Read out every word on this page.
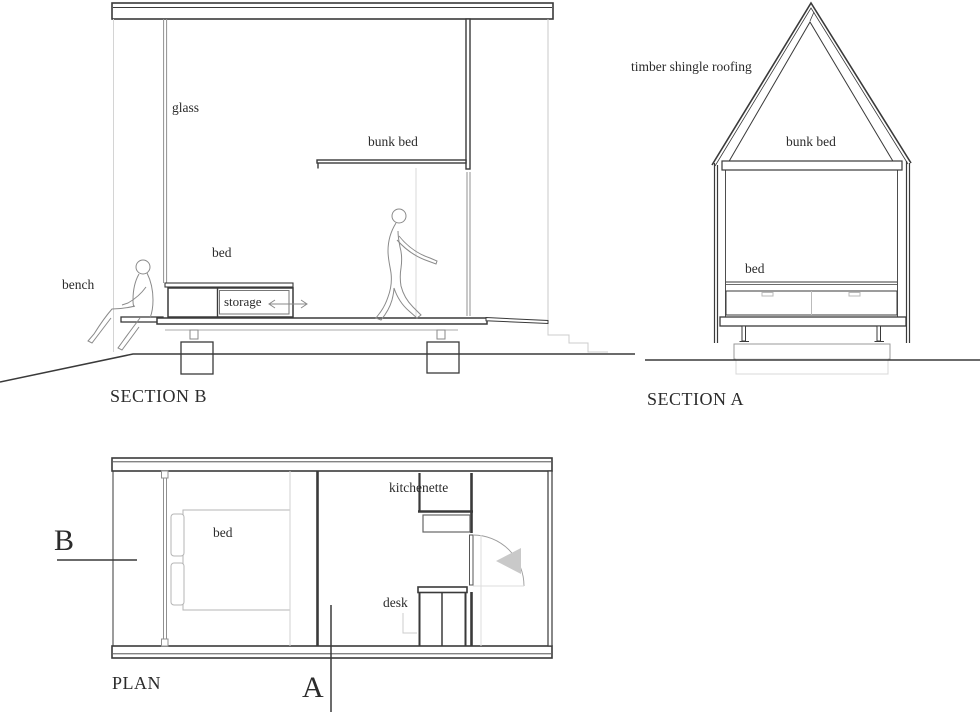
glass
bunk bed
bed
bench
storage
SECTION B
timber shingle roofing
bunk bed
bed
SECTION A
kitchenette
bed
desk
B
A
PLAN
